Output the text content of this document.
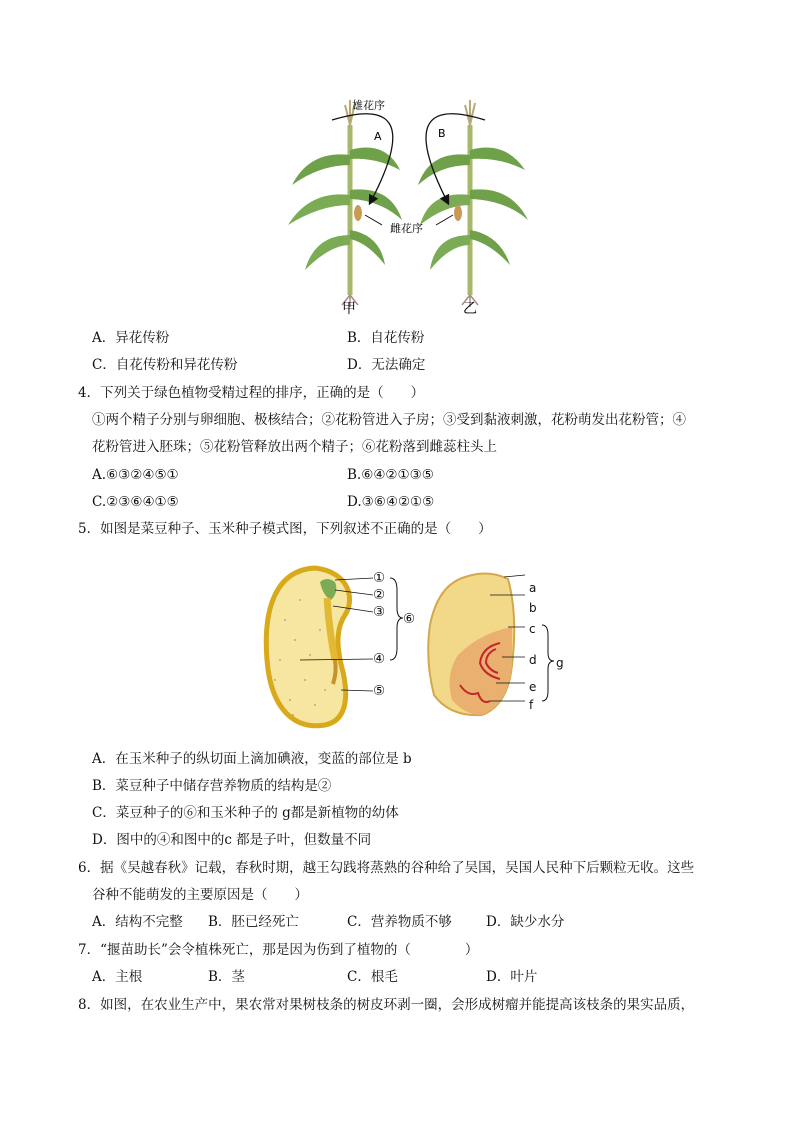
雄花序
雌花序
A	B
甲	乙
A．异花传粉	B．自花传粉
C．自花传粉和异花传粉	D．无法确定
4．下列关于绿色植物受精过程的排序，正确的是（　　）
①两个精子分别与卵细胞、极核结合；②花粉管进入子房；③受到黏液刺激，花粉萌发出花粉管；④
花粉管进入胚珠；⑤花粉管释放出两个精子；⑥花粉落到雌蕊柱头上
A.⑥③②④⑤①	B.⑥④②①③⑤
C.②③⑥④①⑤	D.③⑥④②①⑤
5．如图是菜豆种子、玉米种子模式图，下列叙述不正确的是（　　）
①
②
③
④
⑤
⑥
a
b
c
d
e
f
g
A．在玉米种子的纵切面上滴加碘液，变蓝的部位是 b
B．菜豆种子中储存营养物质的结构是②
C．菜豆种子的⑥和玉米种子的 g都是新植物的幼体
D．图中的④和图中的c 都是子叶，但数量不同
6．据《吴越春秋》记载，春秋时期，越王勾践将蒸熟的谷种给了吴国，吴国人民种下后颗粒无收。这些
谷种不能萌发的主要原因是（　　）
A．结构不完整 B．胚已经死亡	C．营养物质不够	D．缺少水分
7．“揠苗助长”会令植株死亡，那是因为伤到了植物的（　　　　）
A．主根	B．茎	C．根毛	D．叶片
8．如图，在农业生产中，果农常对果树枝条的树皮环剥一圈，会形成树瘤并能提高该枝条的果实品质，
